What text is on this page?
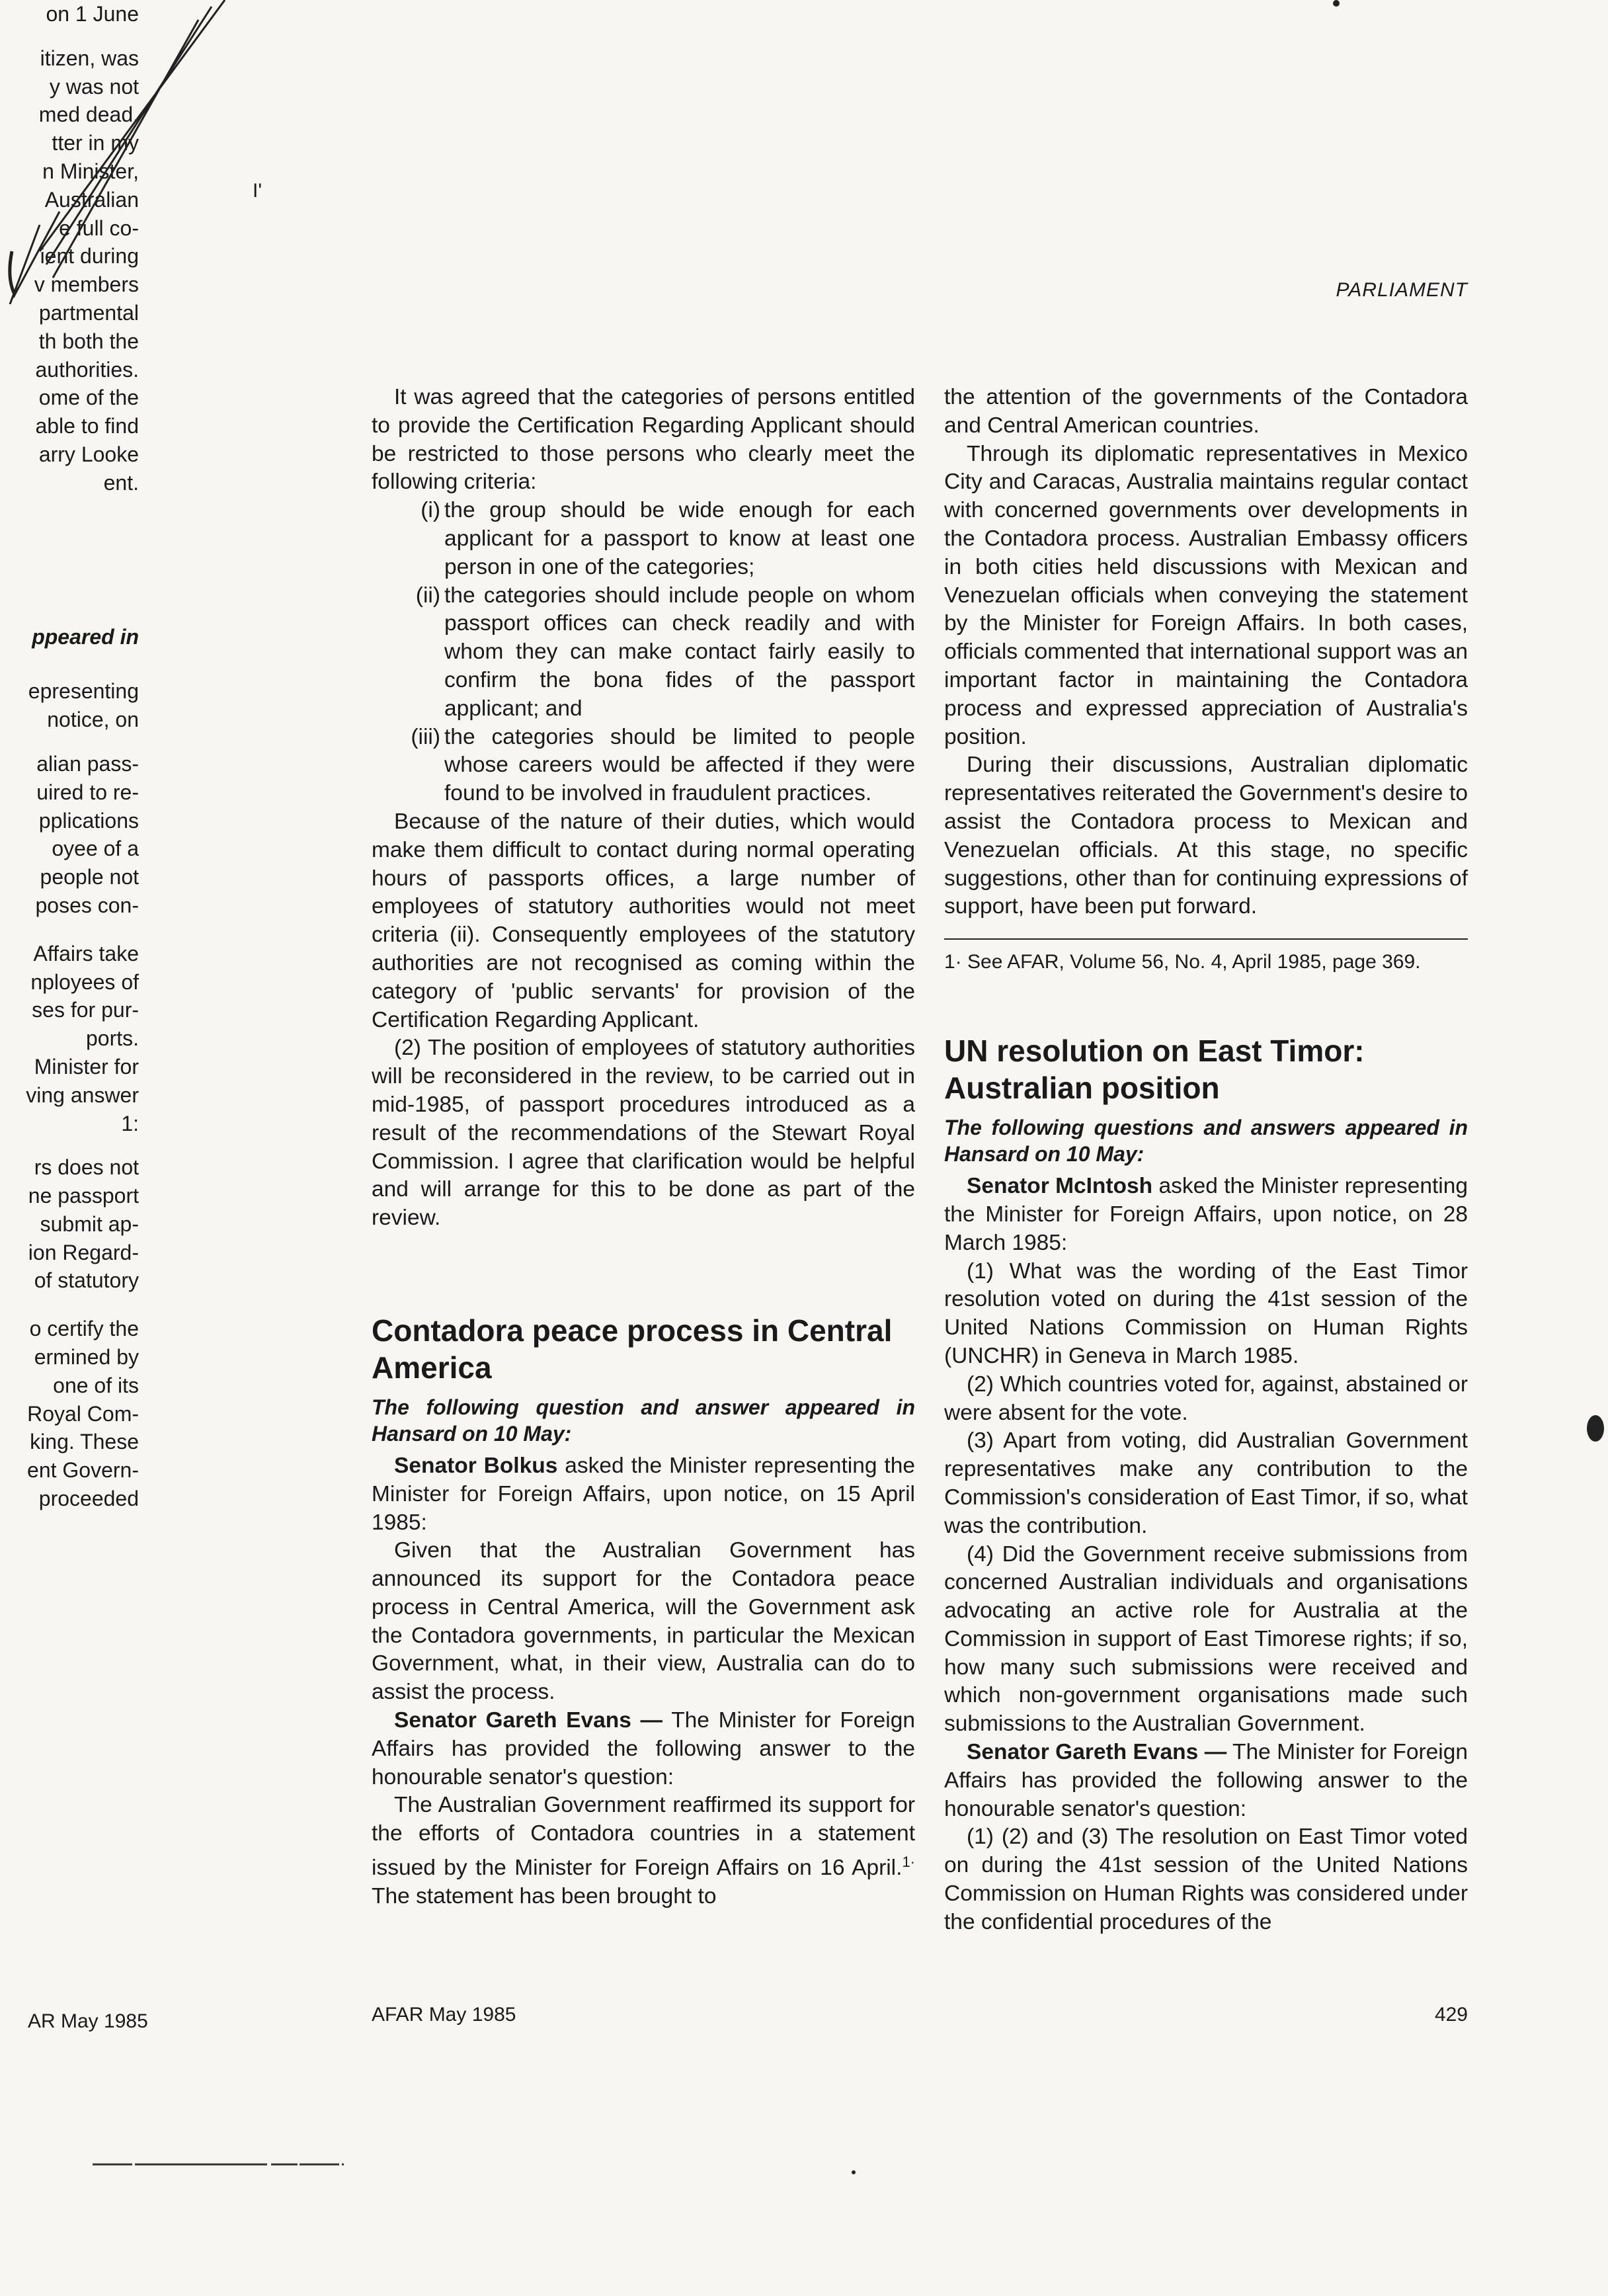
I'
PARLIAMENT
on 1 June
itizen, was
y was not
med dead.
tter in my
n Minister,
Australian
e full co-
ient during
v members
partmental
th both the
authorities.
ome of the
able to find
arry Looke
ent.
ppeared in
epresenting
notice, on
alian pass-
uired to re-
pplications
oyee of a
people not
poses con-
Affairs take
nployees of
ses for pur-
ports.
Minister for
ving answer
1:
rs does not
ne passport
submit ap-
ion Regard-
of statutory
o certify the
ermined by
one of its
Royal Com-
king. These
ent Govern-
proceeded

It was agreed that the categories of persons entitled to provide the Certification Regarding Applicant should be restricted to those persons who clearly meet the following criteria:

(i) the group should be wide enough for each applicant for a passport to know at least one person in one of the categories;
(ii) the categories should include people on whom passport offices can check readily and with whom they can make contact fairly easily to confirm the bona fides of the passport applicant; and
(iii) the categories should be limited to people whose careers would be affected if they were found to be involved in fraudulent practices.

Because of the nature of their duties, which would make them difficult to contact during normal operating hours of passports offices, a large number of employees of statutory authorities would not meet criteria (ii). Consequently employees of the statutory authorities are not recognised as coming within the category of 'public servants' for provision of the Certification Regarding Applicant.

(2) The position of employees of statutory authorities will be reconsidered in the review, to be carried out in mid-1985, of passport procedures introduced as a result of the recommendations of the Stewart Royal Commission. I agree that clarification would be helpful and will arrange for this to be done as part of the review.

Contadora peace process in Central America

The following question and answer appeared in Hansard on 10 May:

Senator Bolkus asked the Minister representing the Minister for Foreign Affairs, upon notice, on 15 April 1985:

Given that the Australian Government has announced its support for the Contadora peace process in Central America, will the Government ask the Contadora governments, in particular the Mexican Government, what, in their view, Australia can do to assist the process.

Senator Gareth Evans — The Minister for Foreign Affairs has provided the following answer to the honourable senator's question:

The Australian Government reaffirmed its support for the efforts of Contadora countries in a statement issued by the Minister for Foreign Affairs on 16 April.$^{1\cdot}$ The statement has been brought to

the attention of the governments of the Contadora and Central American countries.

Through its diplomatic representatives in Mexico City and Caracas, Australia maintains regular contact with concerned governments over developments in the Contadora process. Australian Embassy officers in both cities held discussions with Mexican and Venezuelan officials when conveying the statement by the Minister for Foreign Affairs. In both cases, officials commented that international support was an important factor in maintaining the Contadora process and expressed appreciation of Australia's position.

During their discussions, Australian diplomatic representatives reiterated the Government's desire to assist the Contadora process to Mexican and Venezuelan officials. At this stage, no specific suggestions, other than for continuing expressions of support, have been put forward.

1· See AFAR, Volume 56, No. 4, April 1985, page 369.

UN resolution on East Timor: Australian position

The following questions and answers appeared in Hansard on 10 May:

Senator McIntosh asked the Minister representing the Minister for Foreign Affairs, upon notice, on 28 March 1985:

(1) What was the wording of the East Timor resolution voted on during the 41st session of the United Nations Commission on Human Rights (UNCHR) in Geneva in March 1985.

(2) Which countries voted for, against, abstained or were absent for the vote.

(3) Apart from voting, did Australian Government representatives make any contribution to the Commission's consideration of East Timor, if so, what was the contribution.

(4) Did the Government receive submissions from concerned Australian individuals and organisations advocating an active role for Australia at the Commission in support of East Timorese rights; if so, how many such submissions were received and which non-government organisations made such submissions to the Australian Government.

Senator Gareth Evans — The Minister for Foreign Affairs has provided the following answer to the honourable senator's question:

(1) (2) and (3) The resolution on East Timor voted on during the 41st session of the United Nations Commission on Human Rights was considered under the confidential procedures of the

AR May 1985	AFAR May 1985	429
